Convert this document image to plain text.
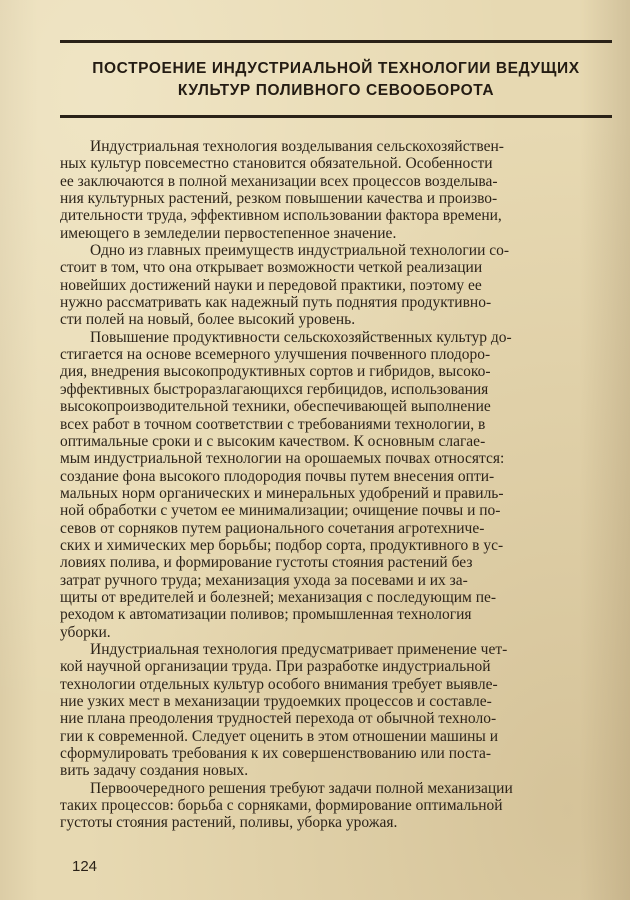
ПОСТРОЕНИЕ ИНДУСТРИАЛЬНОЙ ТЕХНОЛОГИИ ВЕДУЩИХ
КУЛЬТУР ПОЛИВНОГО СЕВООБОРОТА

Индустриальная технология возделывания сельскохозяйствен-
ных культур повсеместно становится обязательной. Особенности
ее заключаются в полной механизации всех процессов возделыва-
ния культурных растений, резком повышении качества и произво-
дительности труда, эффективном использовании фактора времени,
имеющего в земледелии первостепенное значение.

Одно из главных преимуществ индустриальной технологии со-
стоит в том, что она открывает возможности четкой реализации
новейших достижений науки и передовой практики, поэтому ее
нужно рассматривать как надежный путь поднятия продуктивно-
сти полей на новый, более высокий уровень.

Повышение продуктивности сельскохозяйственных культур до-
стигается на основе всемерного улучшения почвенного плодоро-
дия, внедрения высокопродуктивных сортов и гибридов, высоко-
эффективных быстроразлагающихся гербицидов, использования
высокопроизводительной техники, обеспечивающей выполнение
всех работ в точном соответствии с требованиями технологии, в
оптимальные сроки и с высоким качеством. К основным слагае-
мым индустриальной технологии на орошаемых почвах относятся:
создание фона высокого плодородия почвы путем внесения опти-
мальных норм органических и минеральных удобрений и правиль-
ной обработки с учетом ее минимализации; очищение почвы и по-
севов от сорняков путем рационального сочетания агротехниче-
ских и химических мер борьбы; подбор сорта, продуктивного в ус-
ловиях полива, и формирование густоты стояния растений без
затрат ручного труда; механизация ухода за посевами и их за-
щиты от вредителей и болезней; механизация с последующим пе-
реходом к автоматизации поливов; промышленная технология
уборки.

Индустриальная технология предусматривает применение чет-
кой научной организации труда. При разработке индустриальной
технологии отдельных культур особого внимания требует выявле-
ние узких мест в механизации трудоемких процессов и составле-
ние плана преодоления трудностей перехода от обычной техноло-
гии к современной. Следует оценить в этом отношении машины и
сформулировать требования к их совершенствованию или поста-
вить задачу создания новых.

Первоочередного решения требуют задачи полной механизации
таких процессов: борьба с сорняками, формирование оптимальной
густоты стояния растений, поливы, уборка урожая.

124
